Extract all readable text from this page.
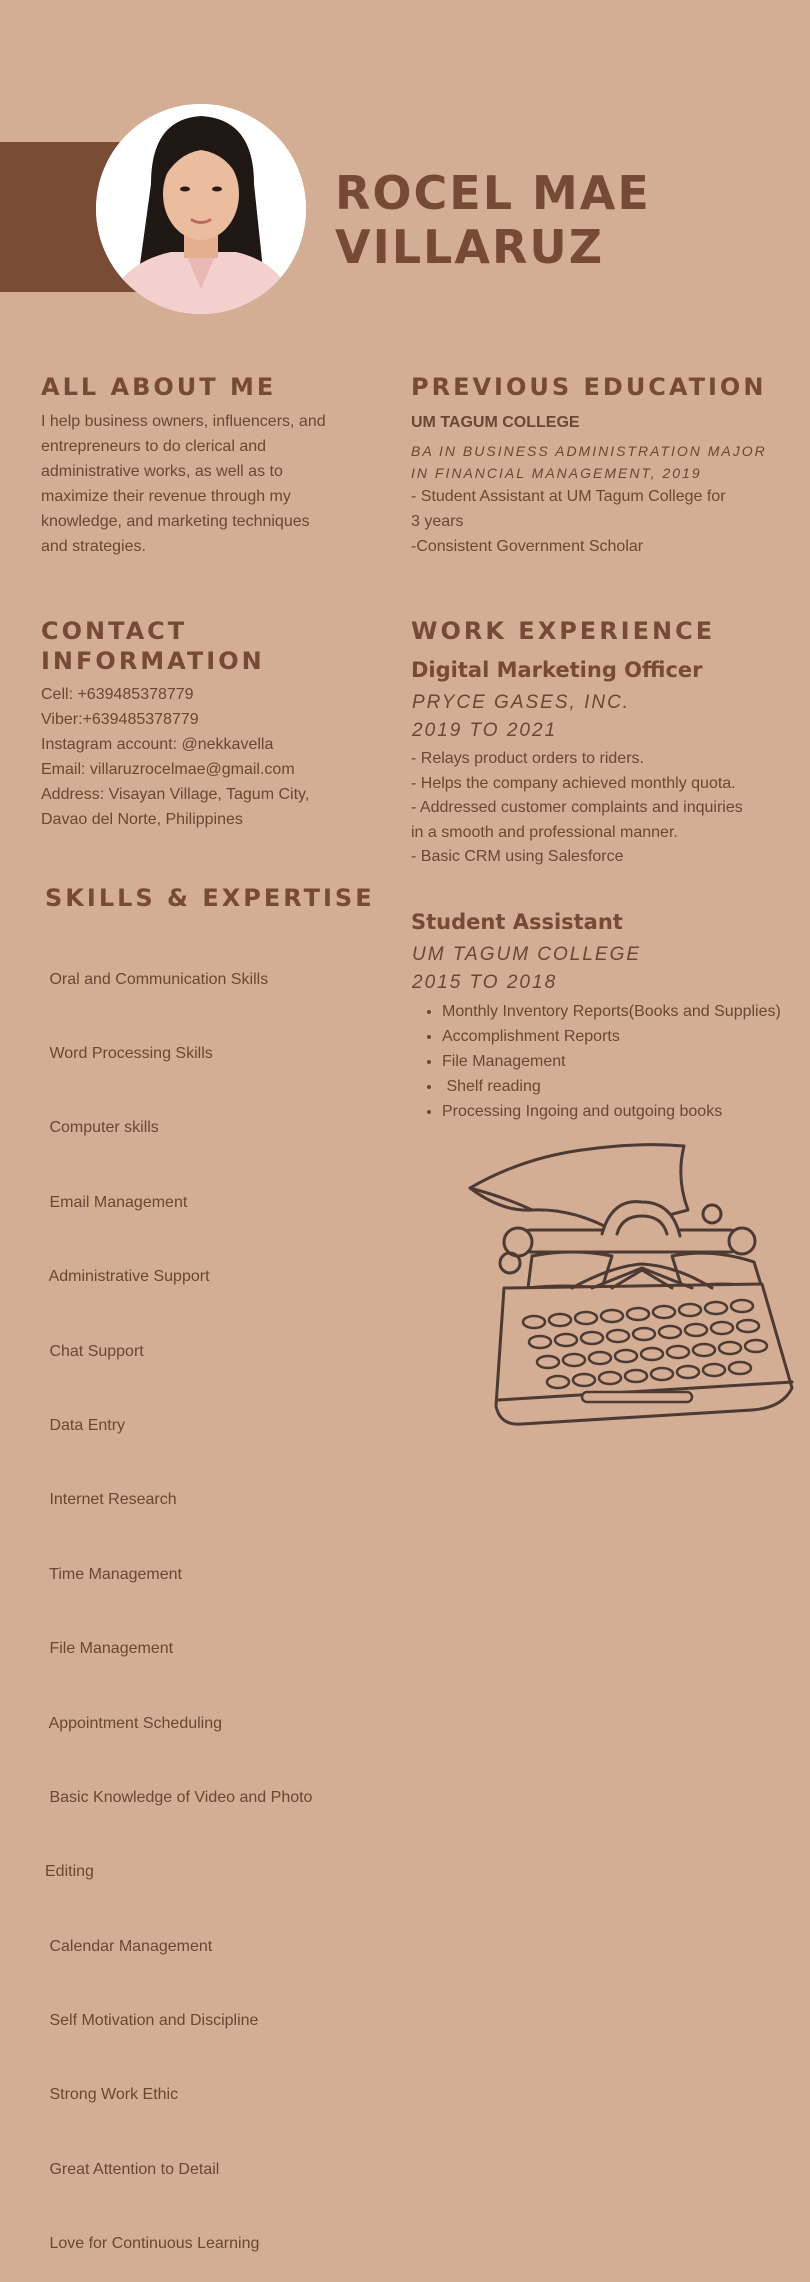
ROCEL MAE
VILLARUZ
ALL ABOUT ME
I help business owners, influencers, and
entrepreneurs to do clerical and
administrative works, as well as to
maximize their revenue through my
knowledge, and marketing techniques
and strategies.
PREVIOUS EDUCATION
UM TAGUM COLLEGE
BA IN BUSINESS ADMINISTRATION MAJOR
IN FINANCIAL MANAGEMENT, 2019
- Student Assistant at UM Tagum College for
3 years
-Consistent Government Scholar
CONTACT
INFORMATION
Cell: +639485378779
Viber:+639485378779
Instagram account: @nekkavella
Email: villaruzrocelmae@gmail.com
Address: Visayan Village, Tagum City,
Davao del Norte, Philippines
WORK EXPERIENCE
Digital Marketing Officer
PRYCE GASES, INC.
2019 TO 2021
- Relays product orders to riders.
- Helps the company achieved monthly quota.
- Addressed customer complaints and inquiries
in a smooth and professional manner.
- Basic CRM using Salesforce
Student Assistant
UM TAGUM COLLEGE
2015 TO 2018
• Monthly Inventory Reports(Books and Supplies)
• Accomplishment Reports
• File Management
•  Shelf reading
• Processing Ingoing and outgoing books
SKILLS & EXPERTISE

Oral and Communication Skills

Word Processing Skills

Computer skills

Email Management

Administrative Support

Chat Support

Data Entry

Internet Research

Time Management

File Management

Appointment Scheduling

Basic Knowledge of Video and Photo

Editing

Calendar Management

Self Motivation and Discipline

Strong Work Ethic

Great Attention to Detail

Love for Continuous Learning
